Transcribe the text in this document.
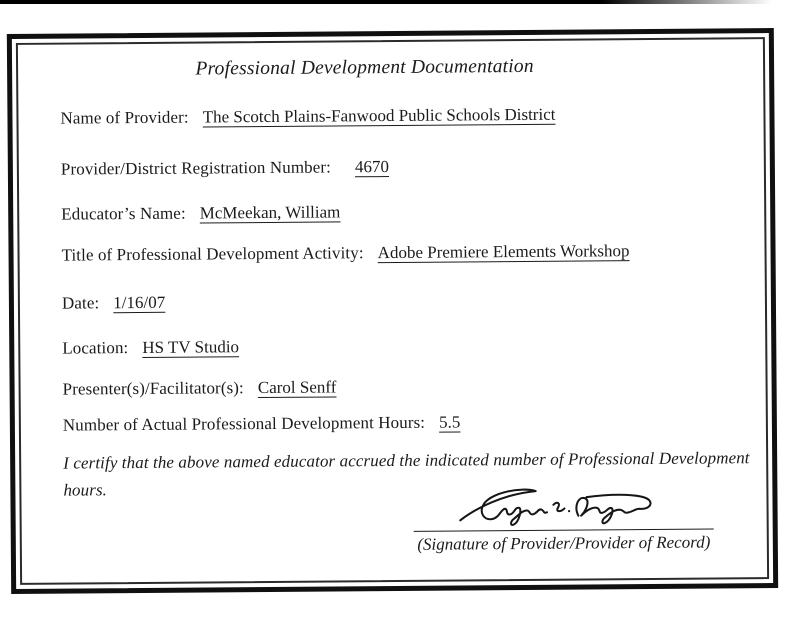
Professional Development Documentation
Name of Provider: The Scotch Plains-Fanwood Public Schools District
Provider/District Registration Number: 4670
Educator’s Name: McMeekan, William
Title of Professional Development Activity: Adobe Premiere Elements Workshop
Date: 1/16/07
Location: HS TV Studio
Presenter(s)/Facilitator(s): Carol Senff
Number of Actual Professional Development Hours: 5.5

I certify that the above named educator accrued the indicated number of Professional Development hours.

(Signature of Provider/Provider of Record)
